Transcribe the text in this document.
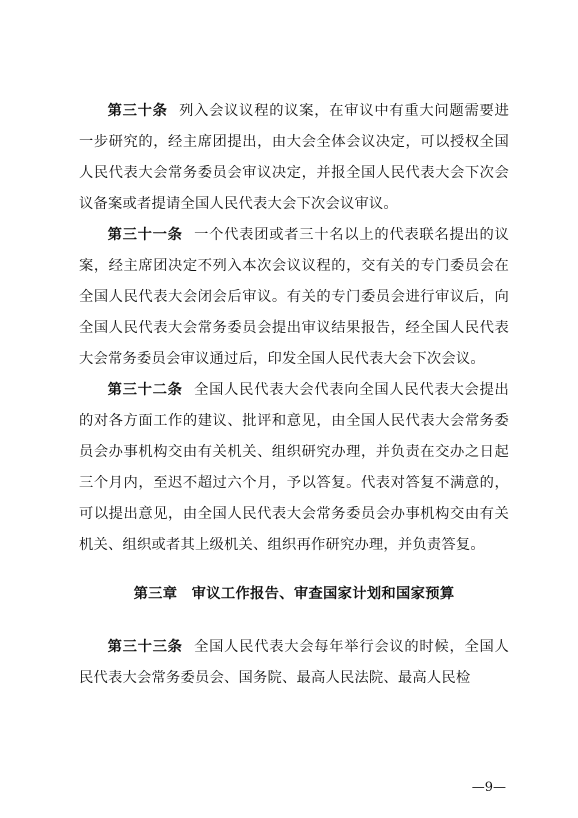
第三十条 列入会议议程的议案，在审议中有重大问题需要进一步研究的，经主席团提出，由大会全体会议决定，可以授权全国人民代表大会常务委员会审议决定，并报全国人民代表大会下次会议备案或者提请全国人民代表大会下次会议审议。

第三十一条 一个代表团或者三十名以上的代表联名提出的议案，经主席团决定不列入本次会议议程的，交有关的专门委员会在全国人民代表大会闭会后审议。有关的专门委员会进行审议后，向全国人民代表大会常务委员会提出审议结果报告，经全国人民代表大会常务委员会审议通过后，印发全国人民代表大会下次会议。

第三十二条 全国人民代表大会代表向全国人民代表大会提出的对各方面工作的建议、批评和意见，由全国人民代表大会常务委员会办事机构交由有关机关、组织研究办理，并负责在交办之日起三个月内，至迟不超过六个月，予以答复。代表对答复不满意的，可以提出意见，由全国人民代表大会常务委员会办事机构交由有关机关、组织或者其上级机关、组织再作研究办理，并负责答复。

第三章 审议工作报告、审查国家计划和国家预算

第三十三条 全国人民代表大会每年举行会议的时候，全国人民代表大会常务委员会、国务院、最高人民法院、最高人民检

—9—
